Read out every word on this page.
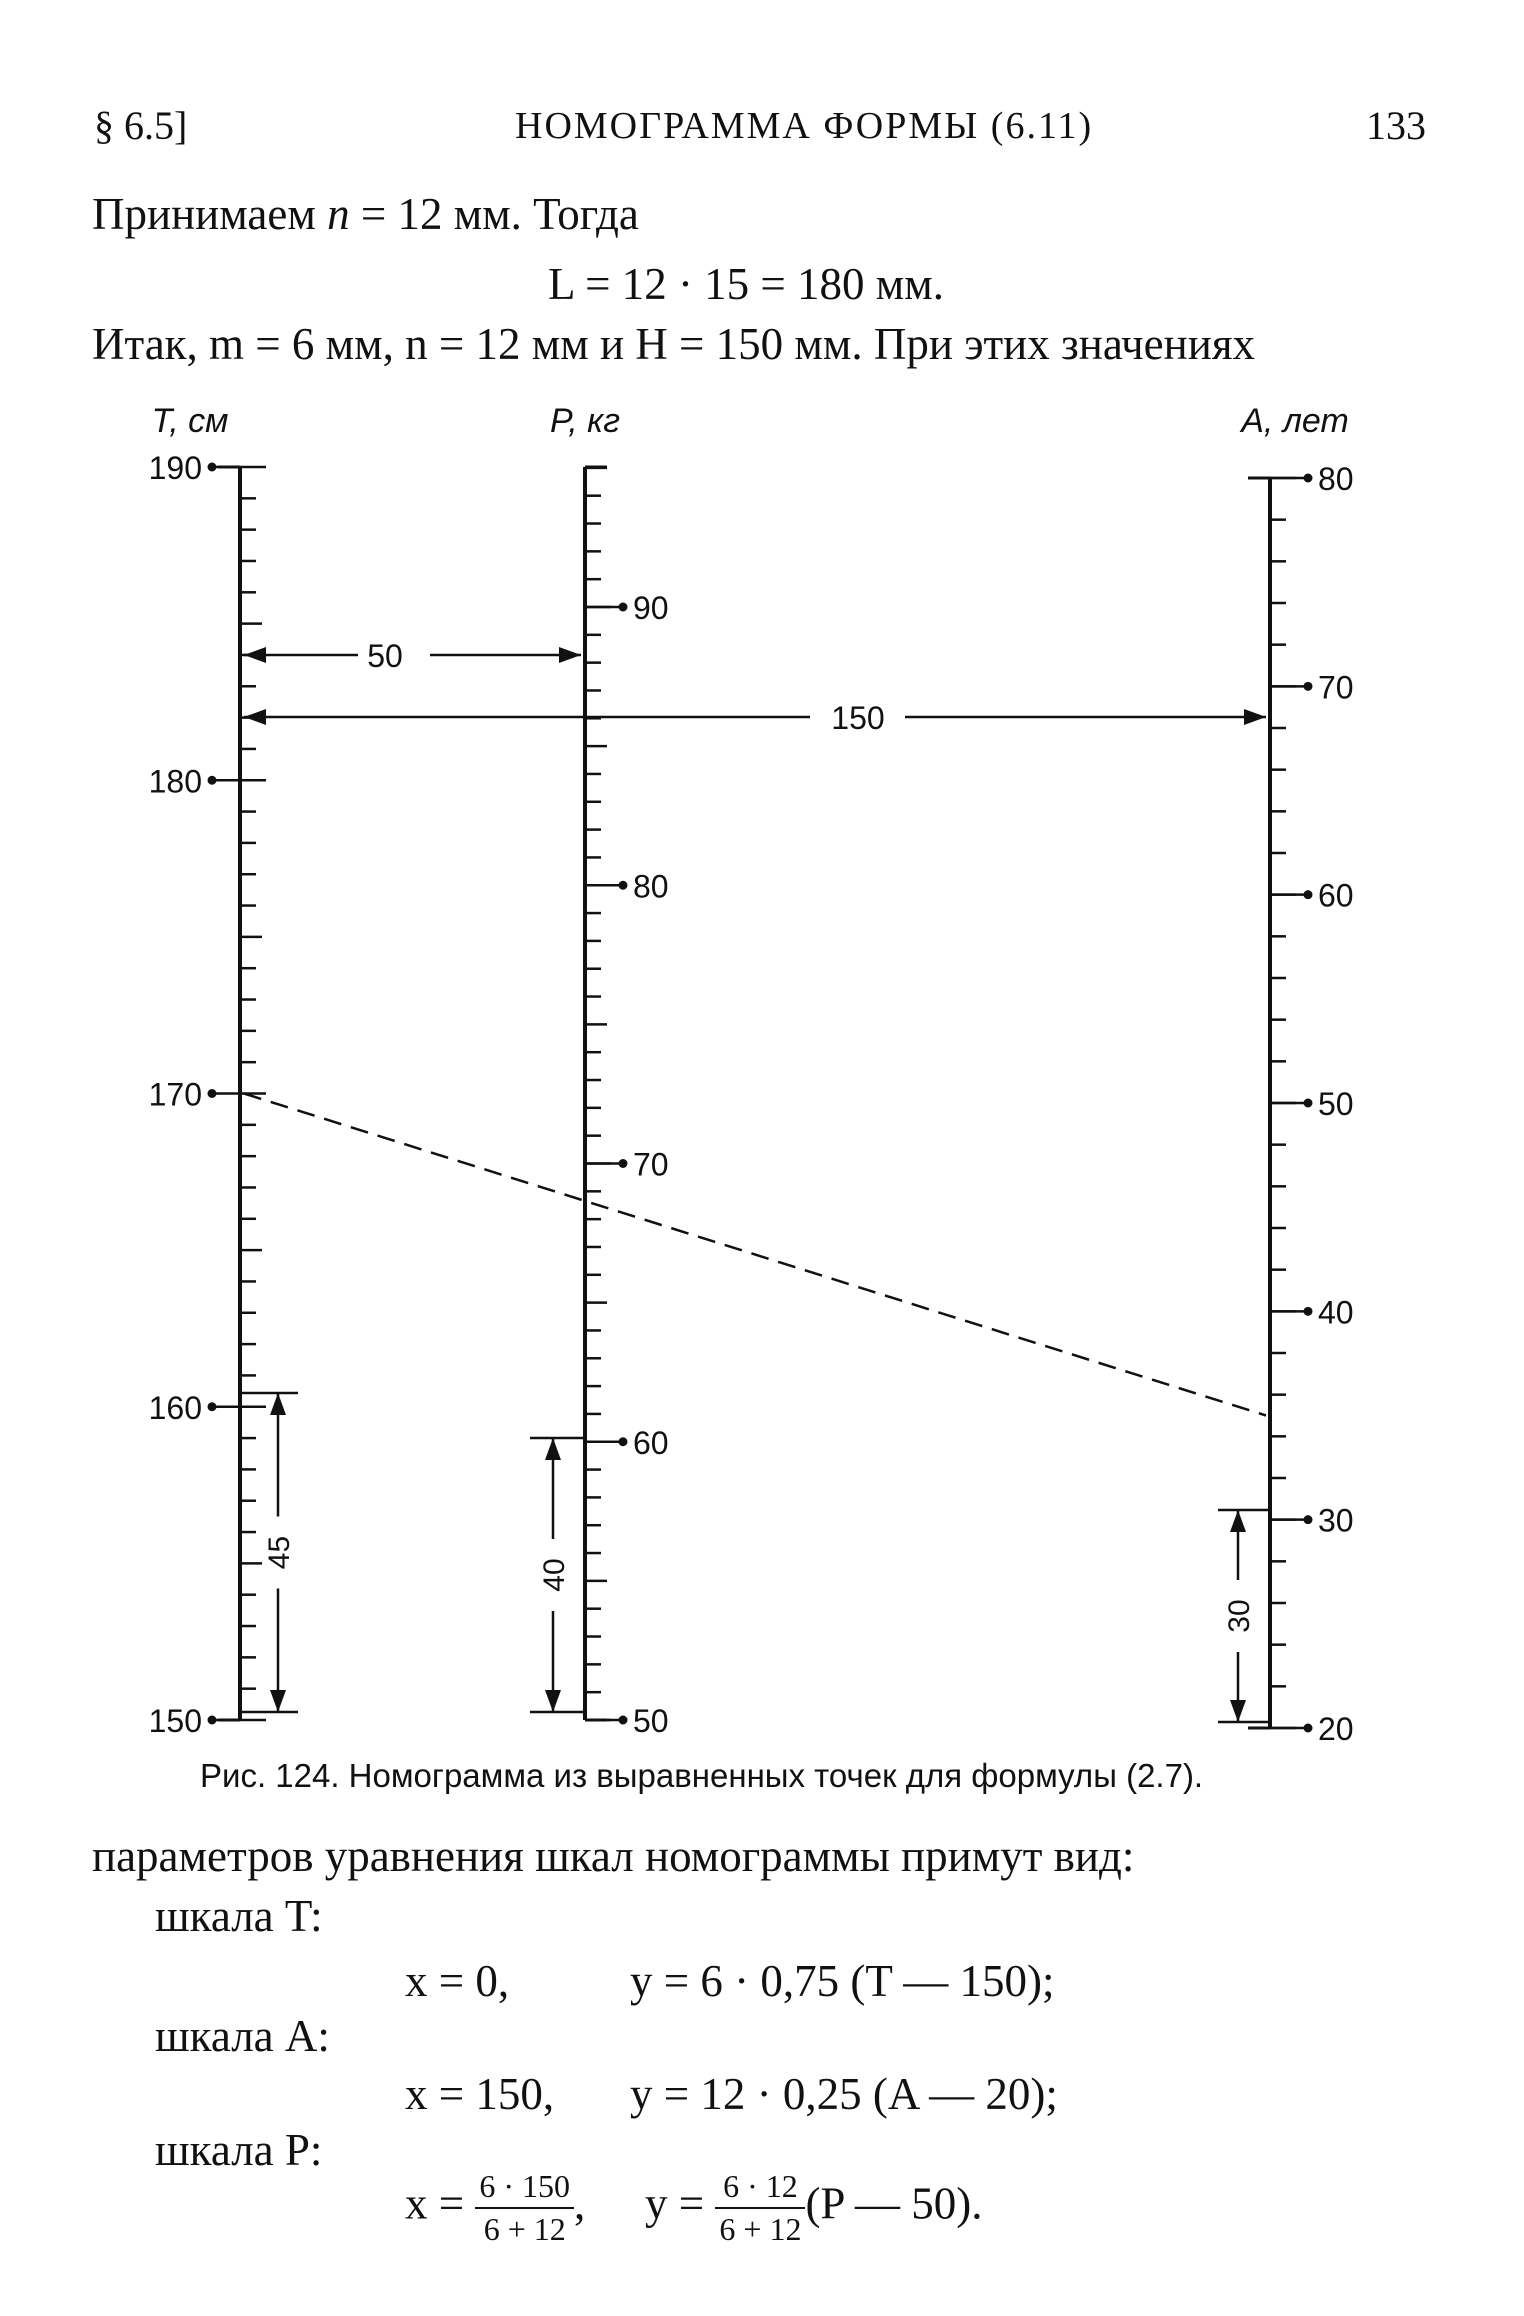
§ 6.5]	НОМОГРАММА ФОРМЫ (6.11)	133
Принимаем n = 12 мм. Тогда
L = 12 · 15 = 180 мм.
Итак, m = 6 мм, n = 12 мм и H = 150 мм. При этих значениях
150
160
170
180
190
T, см
50
60
70
80
90
P, кг
20
30
40
50
60
70
80
A, лет
50
150
45
40
30
Рис. 124. Номограмма из выравненных точек для формулы (2.7).
параметров уравнения шкал номограммы примут вид:
шкала T:
x = 0,	y = 6 · 0,75 (T — 150);
шкала A:
x = 150, y = 12 · 0,25 (A — 20);
шкала P:
$x = \frac{6 \cdot 150}{6 + 12}$ , $y = \frac{6 \cdot 12}{6 + 12} (P$ — 50).
